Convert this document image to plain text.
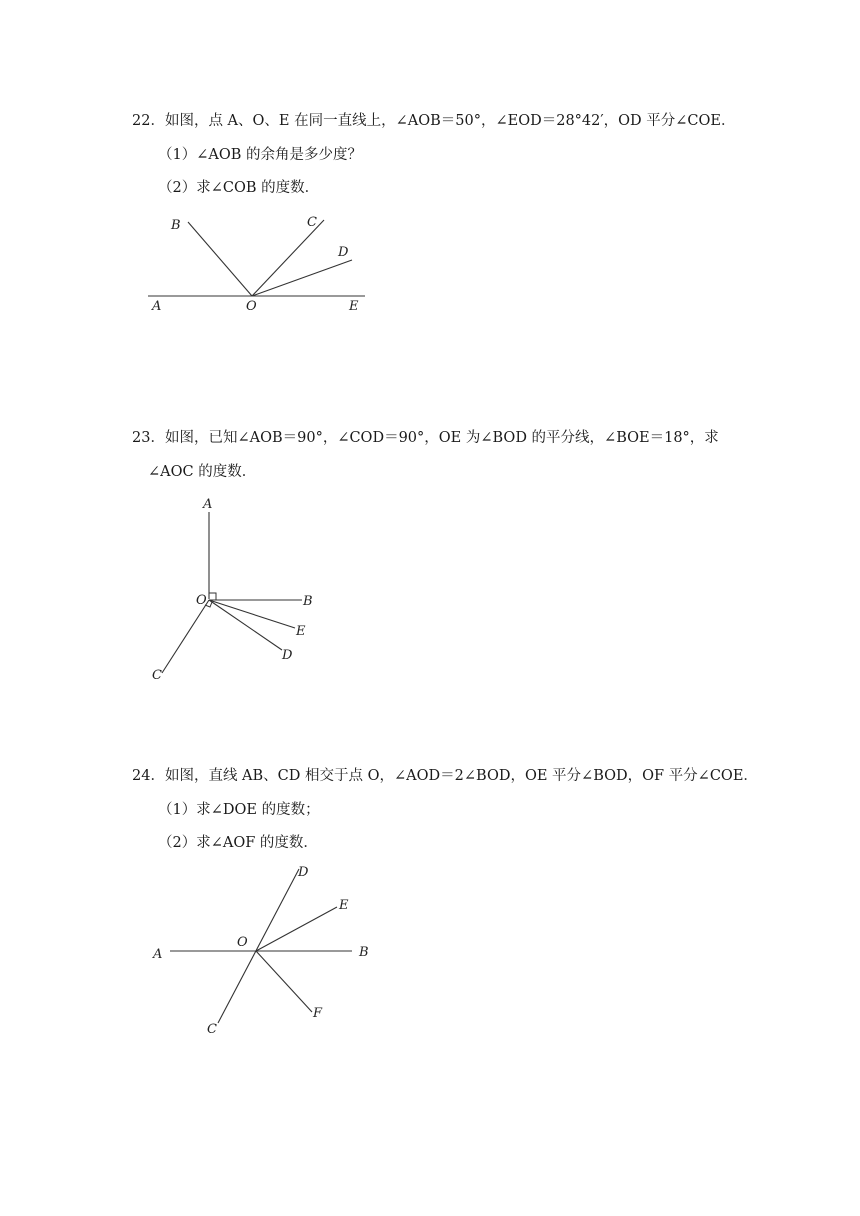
22．如图，点 A、O、E 在同一直线上，∠AOB＝50°，∠EOD＝28°42′，OD 平分∠COE．
（1）∠AOB 的余角是多少度？
（2）求∠COB 的度数．
A	O	E
B	C
D
23．如图，已知∠AOB＝90°，∠COD＝90°，OE 为∠BOD 的平分线，∠BOE＝18°，求
∠AOC 的度数．
A
O	B
E
D
C
24．如图，直线 AB、CD 相交于点 O，∠AOD＝2∠BOD，OE 平分∠BOD，OF 平分∠COE．
（1）求∠DOE 的度数；
（2）求∠AOF 的度数．
D
E
A
O
B
F
C
